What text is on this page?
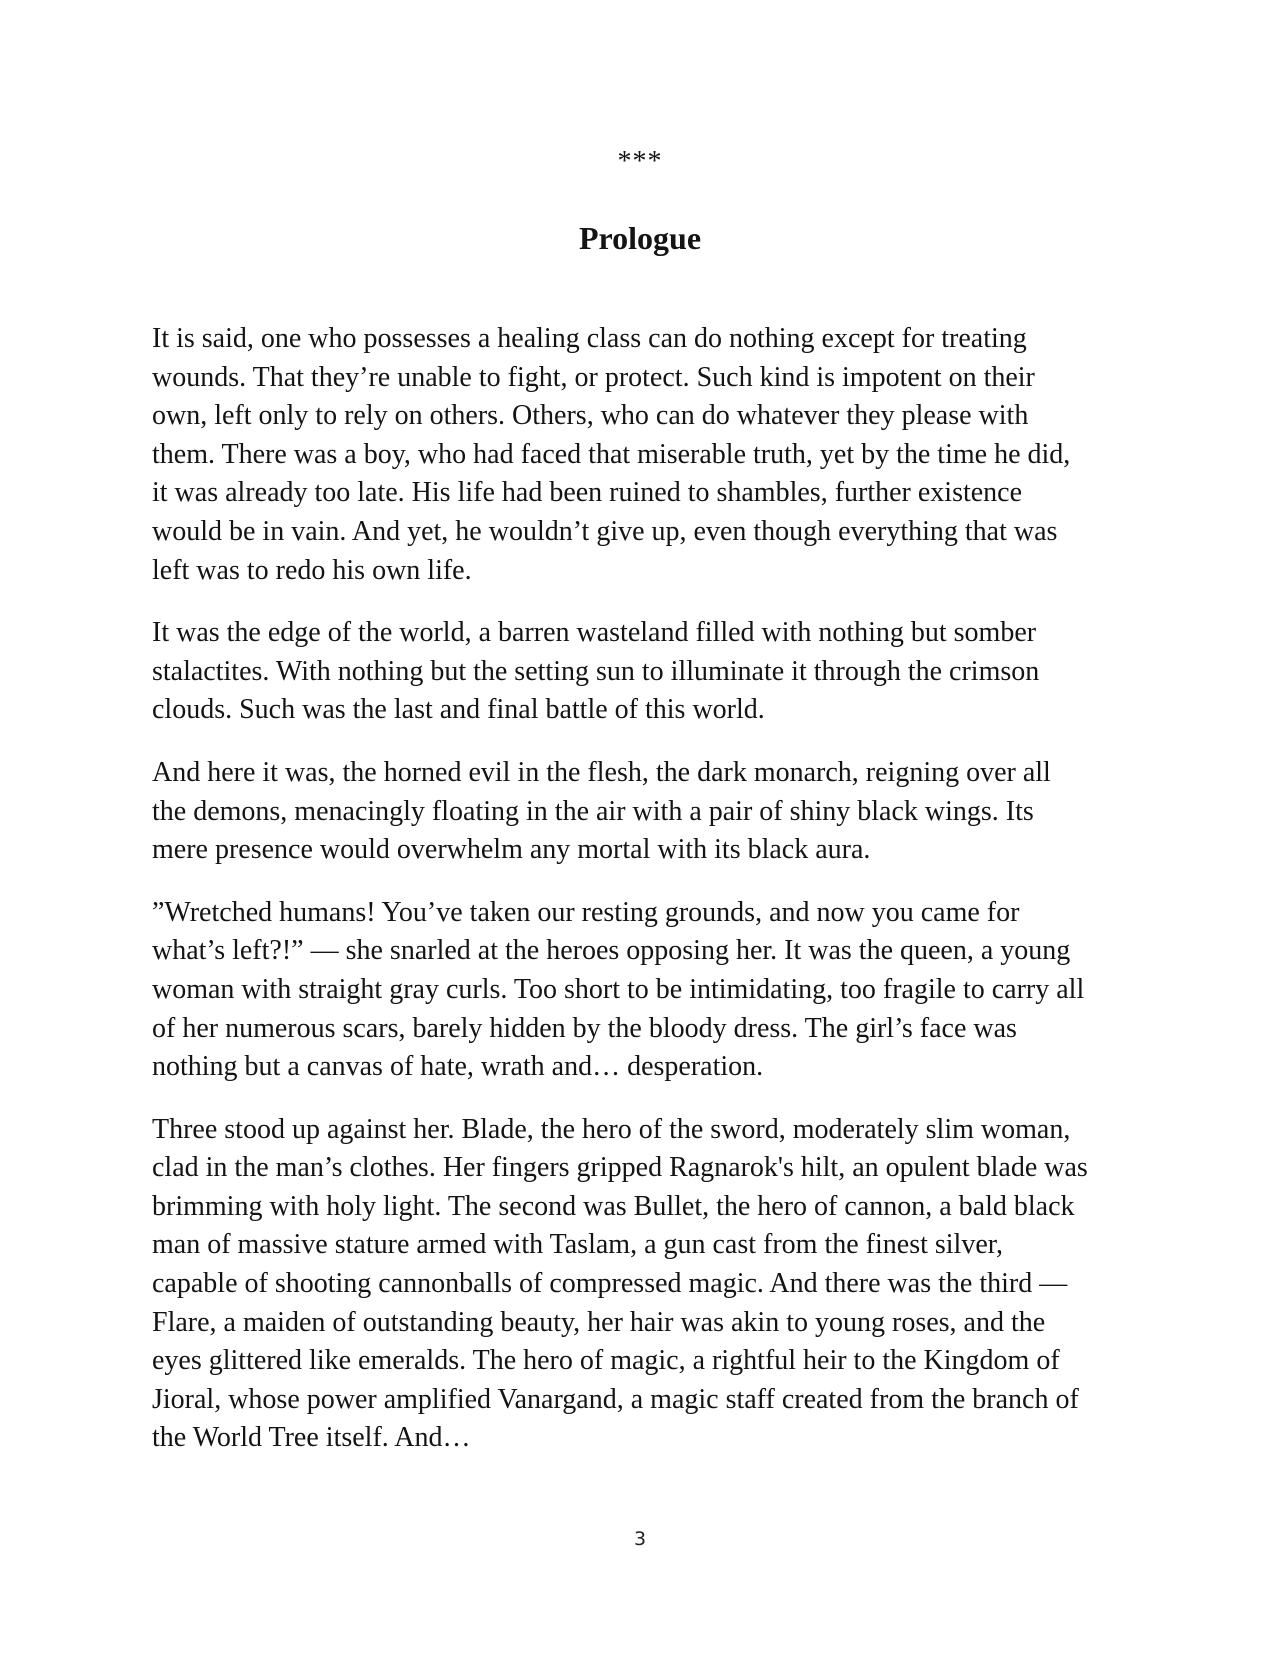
***
Prologue

It is said, one who possesses a healing class can do nothing except for treating
wounds. That they’re unable to fight, or protect. Such kind is impotent on their
own, left only to rely on others. Others, who can do whatever they please with
them. There was a boy, who had faced that miserable truth, yet by the time he did,
it was already too late. His life had been ruined to shambles, further existence
would be in vain. And yet, he wouldn’t give up, even though everything that was
left was to redo his own life.

It was the edge of the world, a barren wasteland filled with nothing but somber
stalactites. With nothing but the setting sun to illuminate it through the crimson
clouds. Such was the last and final battle of this world.

And here it was, the horned evil in the flesh, the dark monarch, reigning over all
the demons, menacingly floating in the air with a pair of shiny black wings. Its
mere presence would overwhelm any mortal with its black aura.

”Wretched humans! You’ve taken our resting grounds, and now you came for
what’s left?!” — she snarled at the heroes opposing her. It was the queen, a young
woman with straight gray curls. Too short to be intimidating, too fragile to carry all
of her numerous scars, barely hidden by the bloody dress. The girl’s face was
nothing but a canvas of hate, wrath and… desperation.

Three stood up against her. Blade, the hero of the sword, moderately slim woman,
clad in the man’s clothes. Her fingers gripped Ragnarok's hilt, an opulent blade was
brimming with holy light. The second was Bullet, the hero of cannon, a bald black
man of massive stature armed with Taslam, a gun cast from the finest silver,
capable of shooting cannonballs of compressed magic. And there was the third —
Flare, a maiden of outstanding beauty, her hair was akin to young roses, and the
eyes glittered like emeralds. The hero of magic, a rightful heir to the Kingdom of
Jioral, whose power amplified Vanargand, a magic staff created from the branch of
the World Tree itself. And…

3
